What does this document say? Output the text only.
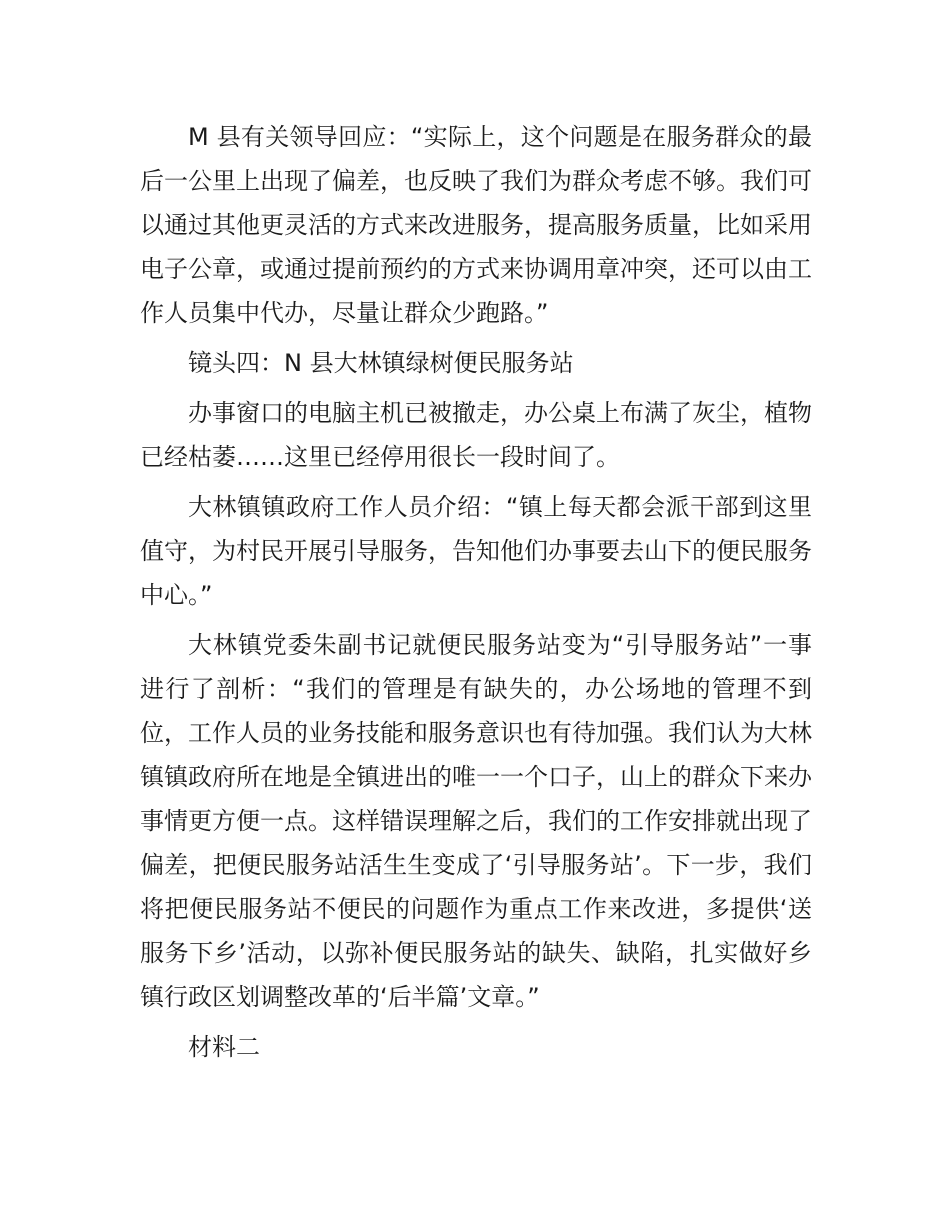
M 县有关领导回应：“实际上，这个问题是在服务群众的最后一公里上出现了偏差，也反映了我们为群众考虑不够。我们可以通过其他更灵活的方式来改进服务，提高服务质量，比如采用电子公章，或通过提前预约的方式来协调用章冲突，还可以由工作人员集中代办，尽量让群众少跑路。”

镜头四：N 县大林镇绿树便民服务站

办事窗口的电脑主机已被撤走，办公桌上布满了灰尘，植物已经枯萎……这里已经停用很长一段时间了。

大林镇镇政府工作人员介绍：“镇上每天都会派干部到这里值守，为村民开展引导服务，告知他们办事要去山下的便民服务中心。”

大林镇党委朱副书记就便民服务站变为“引导服务站”一事进行了剖析：“我们的管理是有缺失的，办公场地的管理不到位，工作人员的业务技能和服务意识也有待加强。我们认为大林镇镇政府所在地是全镇进出的唯一一个口子，山上的群众下来办事情更方便一点。这样错误理解之后，我们的工作安排就出现了偏差，把便民服务站活生生变成了‘引导服务站’。下一步，我们将把便民服务站不便民的问题作为重点工作来改进，多提供‘送服务下乡’活动，以弥补便民服务站的缺失、缺陷，扎实做好乡镇行政区划调整改革的‘后半篇’文章。”

材料二
